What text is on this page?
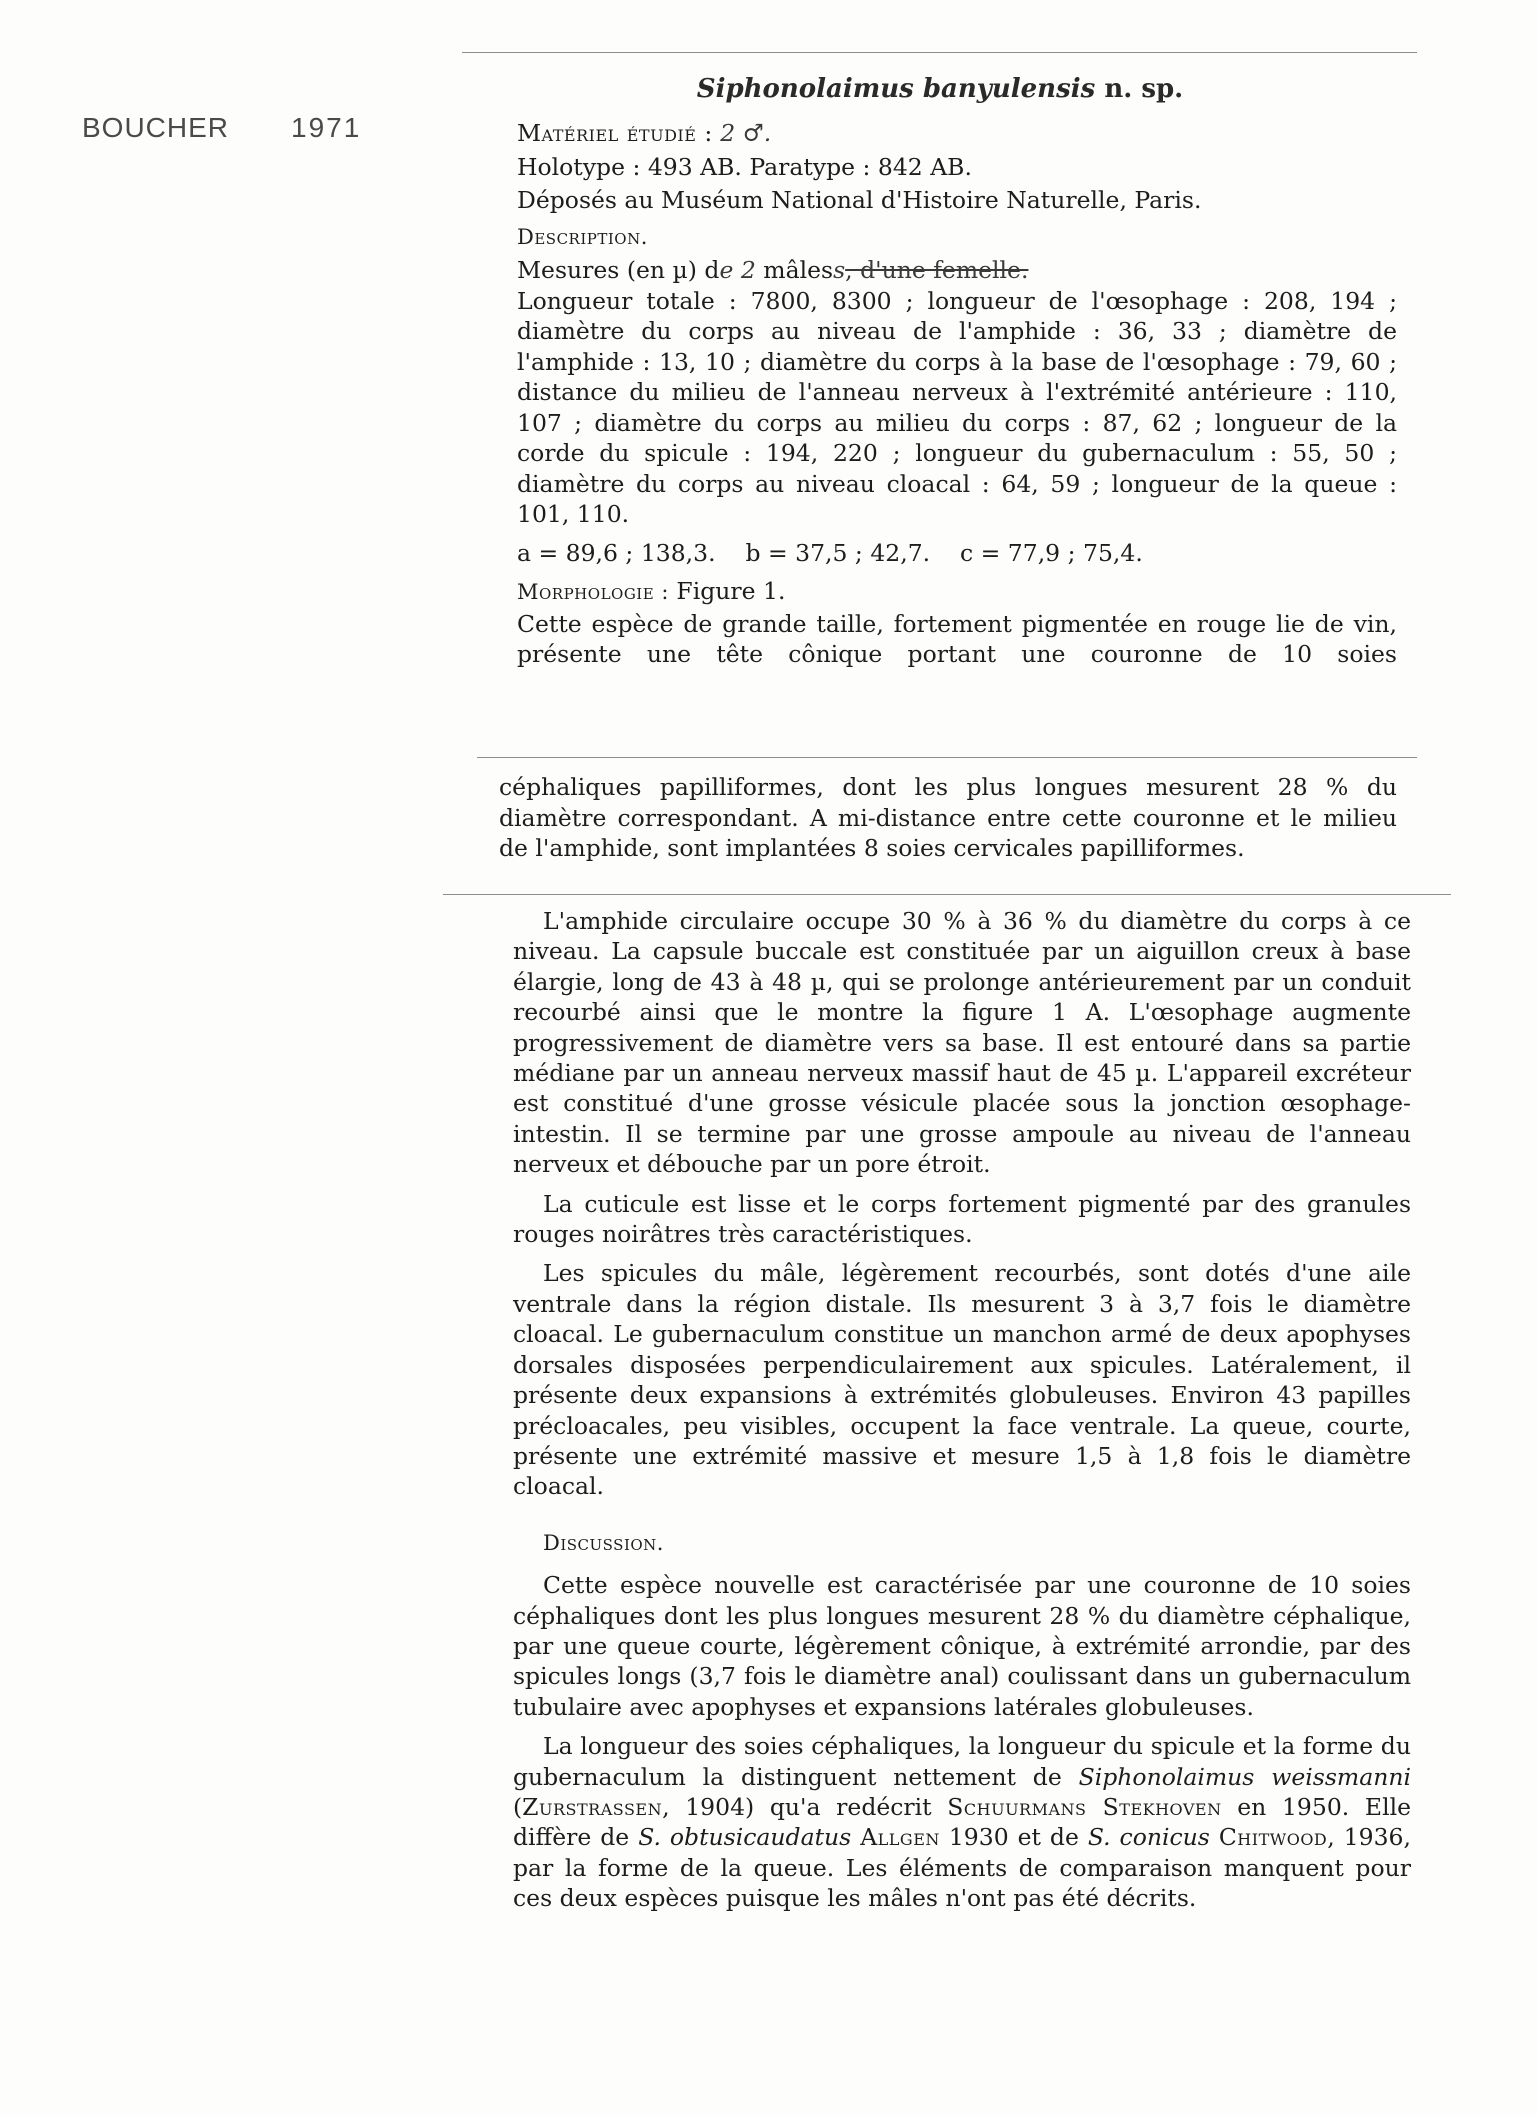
BOUCHER 1971
Siphonolaimus banyulensis n. sp.

Matériel étudié : 2 ♂.

Holotype : 493 AB. Paratype : 842 AB.

Déposés au Muséum National d'Histoire Naturelle, Paris.

Description.

Mesures (en µ) de 2 mâless, d'une femelle.

Longueur totale : 7800, 8300 ; longueur de l'œsophage : 208, 194 ; diamètre du corps au niveau de l'amphide : 36, 33 ; diamètre de l'amphide : 13, 10 ; diamètre du corps à la base de l'œsophage : 79, 60 ; distance du milieu de l'anneau nerveux à l'extrémité antérieure : 110, 107 ; diamètre du corps au milieu du corps : 87, 62 ; longueur de la corde du spicule : 194, 220 ; longueur du gubernaculum : 55, 50 ; diamètre du corps au niveau cloacal : 64, 59 ; longueur de la queue : 101, 110.

a = 89,6 ; 138,3. b = 37,5 ; 42,7. c = 77,9 ; 75,4.

Morphologie : Figure 1.

Cette espèce de grande taille, fortement pigmentée en rouge lie de vin, présente une tête cônique portant une couronne de 10 soies

céphaliques papilliformes, dont les plus longues mesurent 28 % du diamètre correspondant. A mi-distance entre cette couronne et le milieu de l'amphide, sont implantées 8 soies cervicales papilliformes.

L'amphide circulaire occupe 30 % à 36 % du diamètre du corps à ce niveau. La capsule buccale est constituée par un aiguillon creux à base élargie, long de 43 à 48 µ, qui se prolonge antérieurement par un conduit recourbé ainsi que le montre la figure 1 A. L'œsophage augmente progressivement de diamètre vers sa base. Il est entouré dans sa partie médiane par un anneau nerveux massif haut de 45 µ. L'appareil excréteur est constitué d'une grosse vésicule placée sous la jonction œsophage-intestin. Il se termine par une grosse ampoule au niveau de l'anneau nerveux et débouche par un pore étroit.

La cuticule est lisse et le corps fortement pigmenté par des granules rouges noirâtres très caractéristiques.

Les spicules du mâle, légèrement recourbés, sont dotés d'une aile ventrale dans la région distale. Ils mesurent 3 à 3,7 fois le diamètre cloacal. Le gubernaculum constitue un manchon armé de deux apophyses dorsales disposées perpendiculairement aux spicules. Latéralement, il présente deux expansions à extrémités globuleuses. Environ 43 papilles précloacales, peu visibles, occupent la face ventrale. La queue, courte, présente une extrémité massive et mesure 1,5 à 1,8 fois le diamètre cloacal.

Discussion.

Cette espèce nouvelle est caractérisée par une couronne de 10 soies céphaliques dont les plus longues mesurent 28 % du diamètre céphalique, par une queue courte, légèrement cônique, à extrémité arrondie, par des spicules longs (3,7 fois le diamètre anal) coulissant dans un gubernaculum tubulaire avec apophyses et expansions latérales globuleuses.

La longueur des soies céphaliques, la longueur du spicule et la forme du gubernaculum la distinguent nettement de Siphonolaimus weissmanni (Zurstrassen, 1904) qu'a redécrit Schuurmans Stekhoven en 1950. Elle diffère de S. obtusicaudatus Allgen 1930 et de S. conicus Chitwood, 1936, par la forme de la queue. Les éléments de comparaison manquent pour ces deux espèces puisque les mâles n'ont pas été décrits.
